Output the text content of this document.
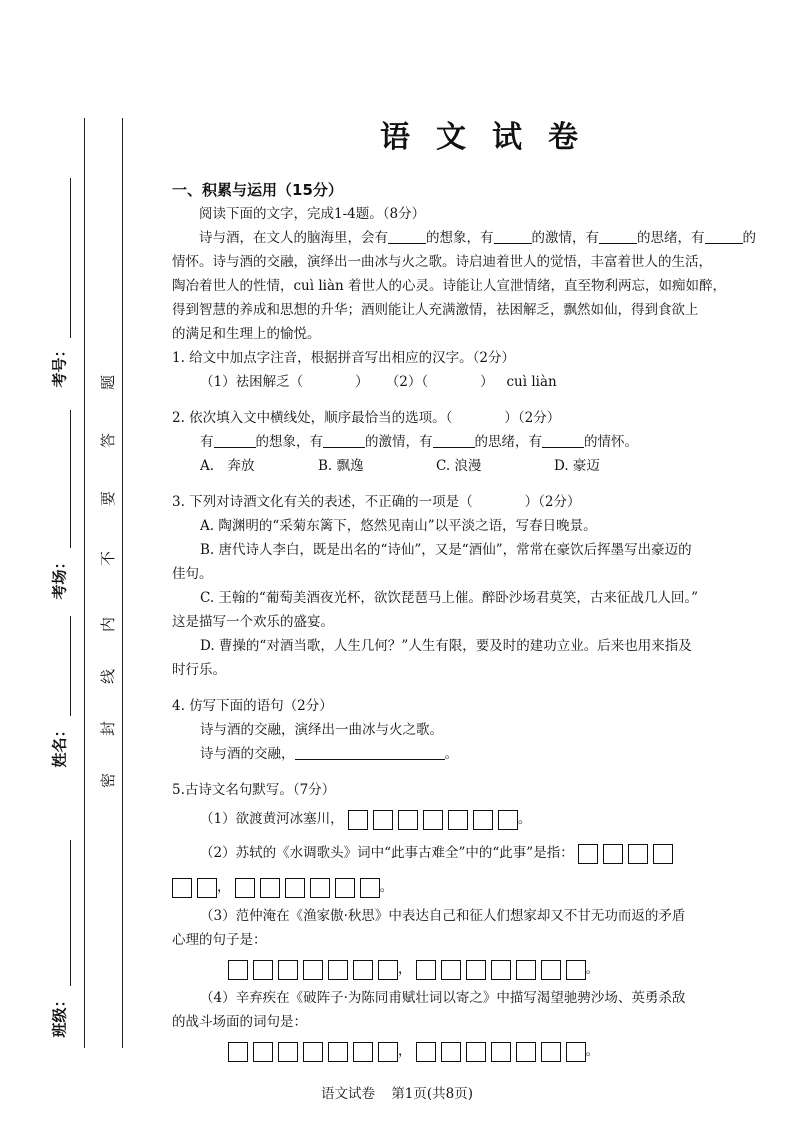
考号：
考场：
姓名：
班级：
密
封
线
内
不
要
答
题
语文试卷

一、积累与运用（15分）

阅读下面的文字，完成1-4题。（8分）

诗与酒，在文人的脑海里，会有	的想象，有	的激情，有	的思绪，有	的

情怀。诗与酒的交融，演绎出一曲冰与火之歌。诗启迪着世人的觉悟，丰富着世人的生活，

陶冶着世人的性情，cuì liàn 着世人的心灵。诗能让人宣泄情绪，直至物利两忘，如痴如醉，

得到智慧的养成和思想的升华；酒则能让人充满激情，祛困解乏，飘然如仙，得到食欲上

的满足和生理上的愉悦。

1. 给文中加点字注音，根据拼音写出相应的汉字。（2分）

（1）祛困解乏（	） （2）（	） cuì liàn

2. 依次填入文中横线处，顺序最恰当的选项。（	）（2分）

有	的想象，有	的激情，有	的思绪，有	的情怀。

A.　奔放	B. 飘逸	C. 浪漫	D. 豪迈

3. 下列对诗酒文化有关的表述，不正确的一项是（	）（2分）

A. 陶渊明的“采菊东篱下，悠然见南山”以平淡之语，写春日晚景。

B. 唐代诗人李白，既是出名的“诗仙”，又是“酒仙”，常常在豪饮后挥墨写出豪迈的

佳句。

C. 王翰的“葡萄美酒夜光杯，欲饮琵琶马上催。醉卧沙场君莫笑，古来征战几人回。”

这是描写一个欢乐的盛宴。

D. 曹操的“对酒当歌，人生几何？”人生有限，要及时的建功立业。后来也用来指及

时行乐。

4. 仿写下面的语句（2分）

诗与酒的交融，演绎出一曲冰与火之歌。

诗与酒的交融，	。

5.古诗文名句默写。（7分）

（1）欲渡黄河冰塞川，	。

（2）苏轼的《水调歌头》词中“此事古难全”中的“此事”是指：

，	。

（3）范仲淹在《渔家傲·秋思》中表达自己和征人们想家却又不甘无功而返的矛盾

心理的句子是：

，	。

（4）辛弃疾在《破阵子·为陈同甫赋壮词以寄之》中描写渴望驰骋沙场、英勇杀敌

的战斗场面的词句是：

，	。

语文试卷 第1页(共8页)
